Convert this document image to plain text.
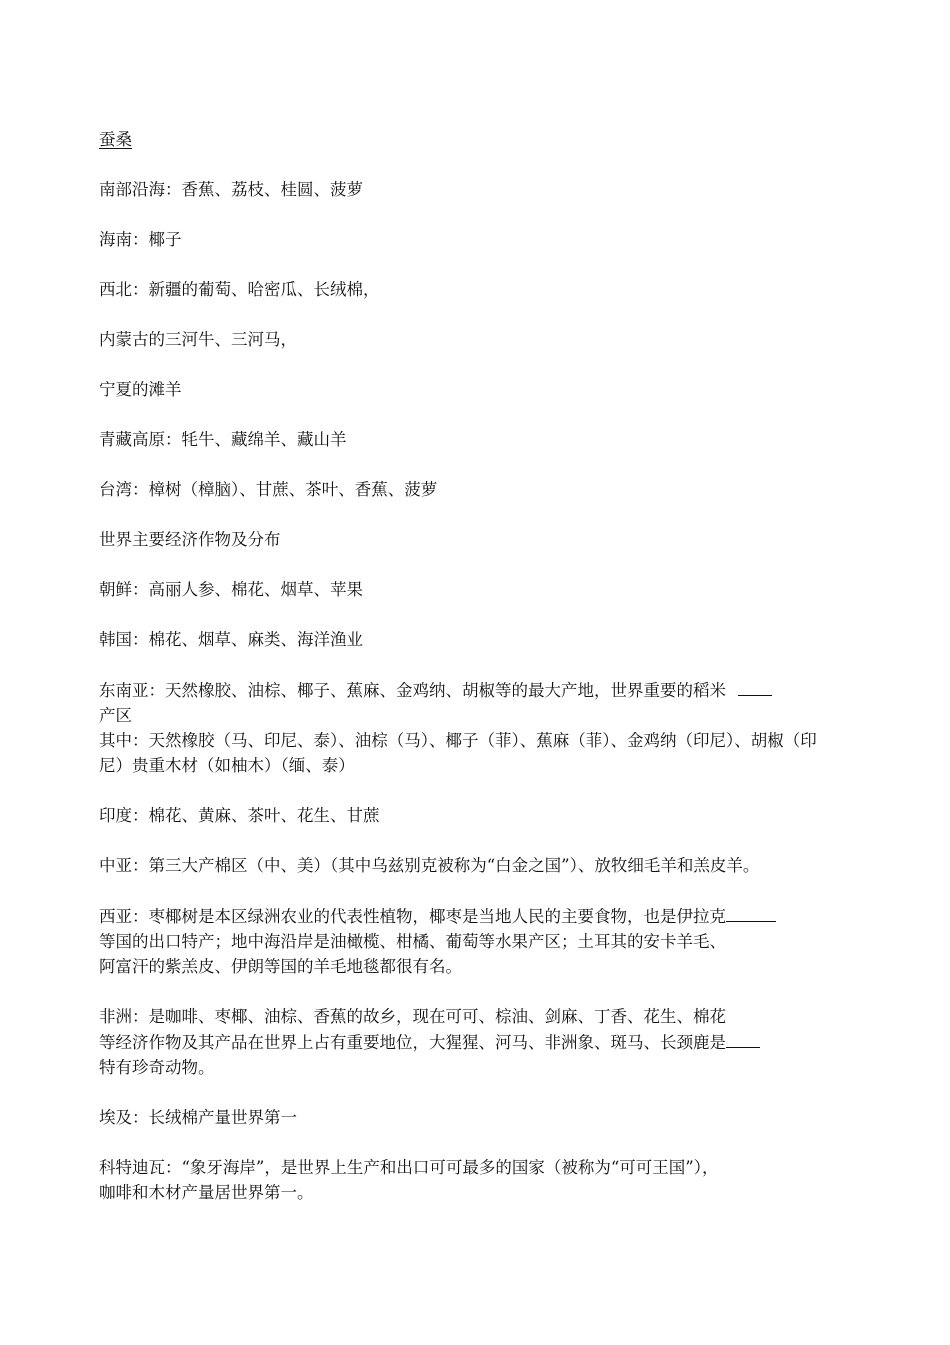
蚕桑

南部沿海：香蕉、荔枝、桂圆、菠萝

海南：椰子

西北：新疆的葡萄、哈密瓜、长绒棉，

内蒙古的三河牛、三河马，

宁夏的滩羊

青藏高原：牦牛、藏绵羊、藏山羊

台湾：樟树（樟脑）、甘蔗、茶叶、香蕉、菠萝

世界主要经济作物及分布

朝鲜：高丽人参、棉花、烟草、苹果

韩国：棉花、烟草、麻类、海洋渔业

东南亚：天然橡胶、油棕、椰子、蕉麻、金鸡纳、胡椒等的最大产地，世界重要的稻米

产区

其中：天然橡胶（马、印尼、泰）、油棕（马）、椰子（菲）、蕉麻（菲）、金鸡纳（印尼）、胡椒（印尼）贵重木材（如柚木）（缅、泰）

印度：棉花、黄麻、茶叶、花生、甘蔗

中亚：第三大产棉区（中、美）（其中乌兹别克被称为“白金之国”）、放牧细毛羊和羔皮羊。

西亚：枣椰树是本区绿洲农业的代表性植物，椰枣是当地人民的主要食物，也是伊拉克

等国的出口特产；地中海沿岸是油橄榄、柑橘、葡萄等水果产区；土耳其的安卡羊毛、

阿富汗的紫羔皮、伊朗等国的羊毛地毯都很有名。

非洲：是咖啡、枣椰、油棕、香蕉的故乡，现在可可、棕油、剑麻、丁香、花生、棉花

等经济作物及其产品在世界上占有重要地位，大猩猩、河马、非洲象、斑马、长颈鹿是

特有珍奇动物。

埃及：长绒棉产量世界第一

科特迪瓦：“象牙海岸”，是世界上生产和出口可可最多的国家（被称为“可可王国”），

咖啡和木材产量居世界第一。
